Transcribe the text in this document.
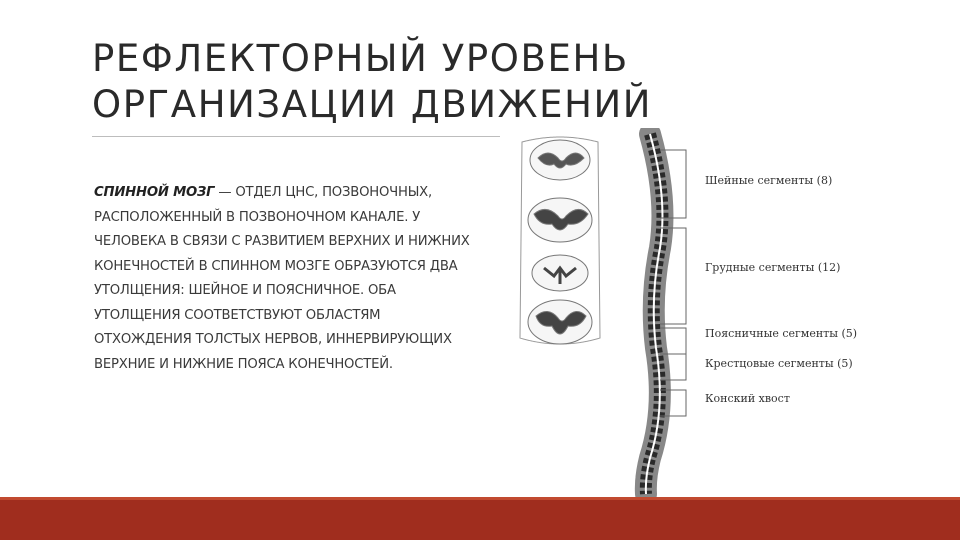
РЕФЛЕКТОРНЫЙ УРОВЕНЬ
ОРГАНИЗАЦИИ ДВИЖЕНИЙ
СПИННОЙ МОЗГ — ОТДЕЛ ЦНС, ПОЗВОНОЧНЫХ, РАСПОЛОЖЕННЫЙ В ПОЗВОНОЧНОМ КАНАЛЕ. У ЧЕЛОВЕКА В СВЯЗИ С РАЗВИТИЕМ ВЕРХНИХ И НИЖНИХ КОНЕЧНОСТЕЙ В СПИННОМ МОЗГЕ ОБРАЗУЮТСЯ ДВА УТОЛЩЕНИЯ: ШЕЙНОЕ И ПОЯСНИЧНОЕ. ОБА УТОЛЩЕНИЯ СООТВЕТСТВУЮТ ОБЛАСТЯМ ОТХОЖДЕНИЯ ТОЛСТЫХ НЕРВОВ, ИННЕРВИРУЮЩИХ ВЕРХНИЕ И НИЖНИЕ ПОЯСА КОНЕЧНОСТЕЙ.
Шейные сегменты (8)
Грудные сегменты (12)
Поясничные сегменты (5)
Крестцовые сегменты (5)
Конский хвост
